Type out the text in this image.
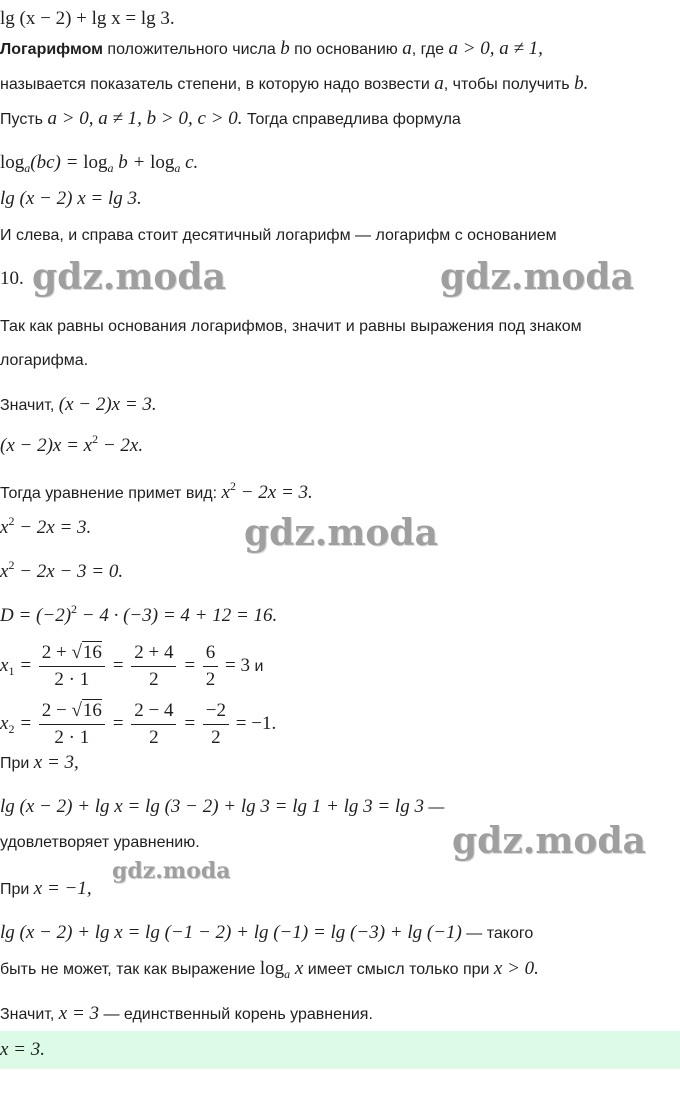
gdz.moda	gdz.moda
gdz.moda
gdz.moda
gdz.moda
lg (x − 2) + lg x = lg 3.
Логарифмом положительного числа b по основанию a, где a > 0, a ≠ 1,
называется показатель степени, в которую надо возвести a, чтобы получить b.
Пусть a > 0, a ≠ 1, b > 0, c > 0. Тогда справедлива формула
$\log_a(bc) = \log_a b + \log_a c$.
lg (x − 2) x = lg 3.
И слева, и справа стоит десятичный логарифм — логарифм с основанием
10.
Так как равны основания логарифмов, значит и равны выражения под знаком
логарифма.
Значит, (x − 2)x = 3.
$(x - 2)x = x^2 - 2x$.
Тогда уравнение примет вид: $x^2 - 2x = 3$.
$x^2 - 2x = 3$.
$x^2 - 2x - 3 = 0$.
$D = (-2)^2 - 4 \cdot (-3) = 4 + 12 = 16$.
$x_1 = \frac{2 + √16}{2 \cdot 1} = \frac{2 + 4}{2} = \frac{6}{2} = 3$ и
$x_2 = \frac{2 - √16}{2 \cdot 1} = \frac{2 - 4}{2} = \frac{-2}{2} = -1$.
При x = 3,
lg (x − 2) + lg x = lg (3 − 2) + lg 3 = lg 1 + lg 3 = lg 3 —
удовлетворяет уравнению.
При x = −1,
lg (x − 2) + lg x = lg (−1 − 2) + lg (−1) = lg (−3) + lg (−1) — такого
быть не может, так как выражение $\log_a x$ имеет смысл только при x > 0.
Значит, x = 3 — единственный корень уравнения.
x = 3.
